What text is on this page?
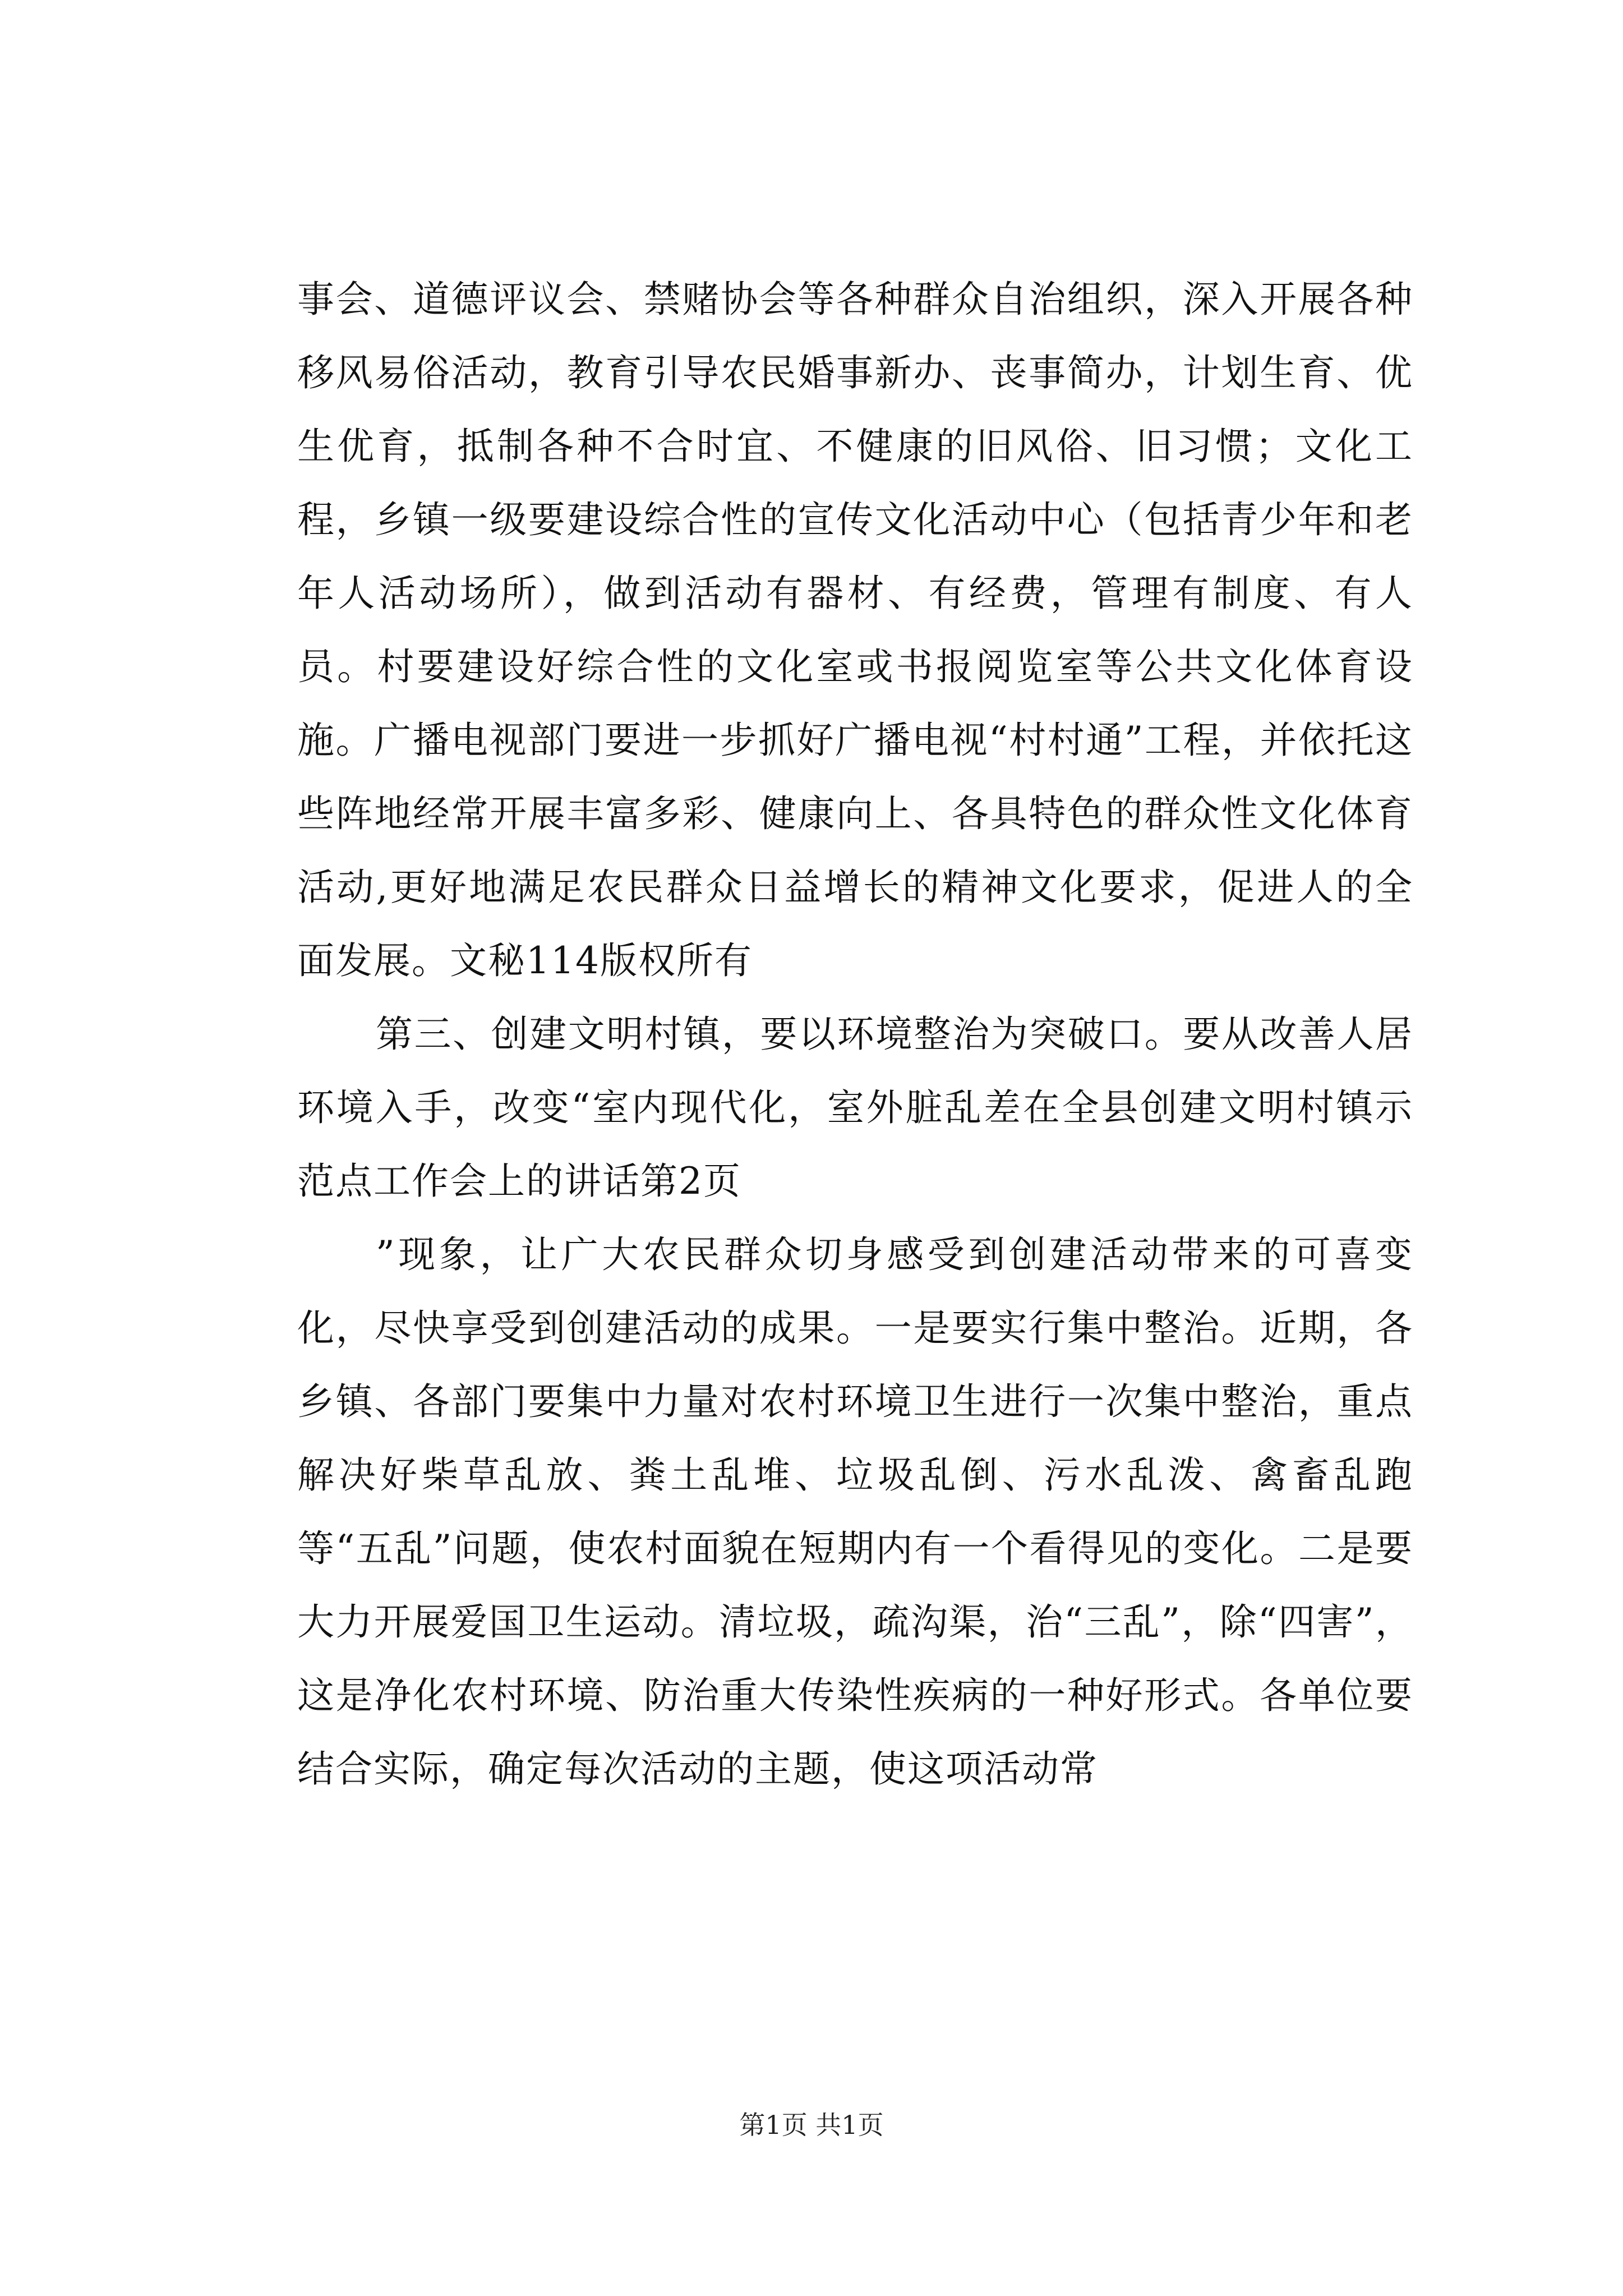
事会、道德评议会、禁赌协会等各种群众自治组织，深入开展各种移风易俗活动，教育引导农民婚事新办、丧事简办，计划生育、优生优育，抵制各种不合时宜、不健康的旧风俗、旧习惯；文化工程，乡镇一级要建设综合性的宣传文化活动中心（包括青少年和老年人活动场所），做到活动有器材、有经费，管理有制度、有人员。村要建设好综合性的文化室或书报阅览室等公共文化体育设施。广播电视部门要进一步抓好广播电视“村村通”工程，并依托这些阵地经常开展丰富多彩、健康向上、各具特色的群众性文化体育活动,更好地满足农民群众日益增长的精神文化要求，促进人的全面发展。文秘114版权所有

第三、创建文明村镇，要以环境整治为突破口。要从改善人居环境入手，改变“室内现代化，室外脏乱差在全县创建文明村镇示范点工作会上的讲话第2页

”现象，让广大农民群众切身感受到创建活动带来的可喜变化，尽快享受到创建活动的成果。一是要实行集中整治。近期，各乡镇、各部门要集中力量对农村环境卫生进行一次集中整治，重点解决好柴草乱放、粪土乱堆、垃圾乱倒、污水乱泼、禽畜乱跑等“五乱”问题，使农村面貌在短期内有一个看得见的变化。二是要大力开展爱国卫生运动。清垃圾，疏沟渠，治“三乱”，除“四害”，这是净化农村环境、防治重大传染性疾病的一种好形式。各单位要结合实际，确定每次活动的主题，使这项活动常

第1页 共1页
